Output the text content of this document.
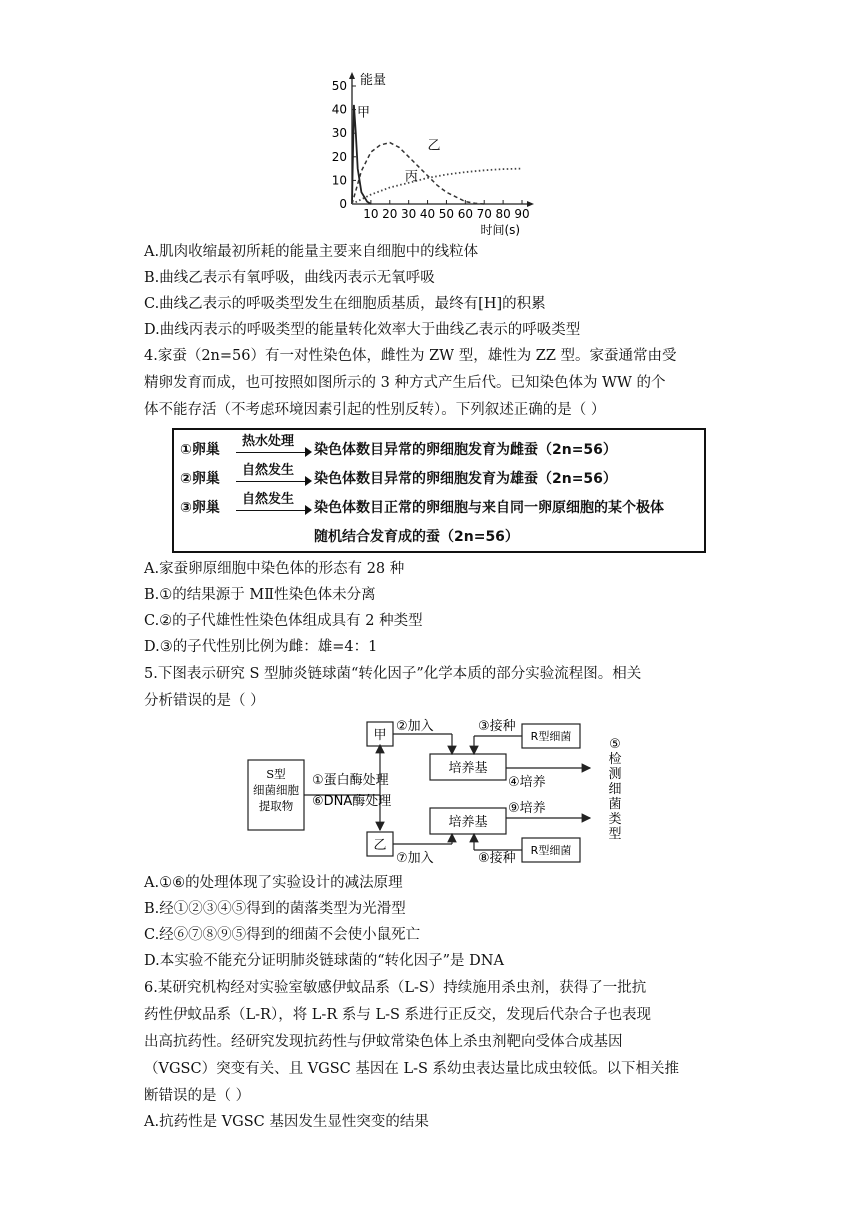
50
40
30
20
10
0
10 20 30 40 50 60 70 80 90
能量
时间(s)
甲
乙
丙
A.肌肉收缩最初所耗的能量主要来自细胞中的线粒体
B.曲线乙表示有氧呼吸，曲线丙表示无氧呼吸
C.曲线乙表示的呼吸类型发生在细胞质基质，最终有[H]的积累
D.曲线丙表示的呼吸类型的能量转化效率大于曲线乙表示的呼吸类型
4.家蚕（2n=56）有一对性染色体，雌性为 ZW 型，雄性为 ZZ 型。家蚕通常由受
精卵发育而成，也可按照如图所示的 3 种方式产生后代。已知染色体为 WW 的个
体不能存活（不考虑环境因素引起的性别反转）。下列叙述正确的是（ ）
①卵巢
热水处理
染色体数目异常的卵细胞发育为雌蚕（2n=56）
②卵巢
自然发生
染色体数目异常的卵细胞发育为雄蚕（2n=56）
③卵巢
自然发生
染色体数目正常的卵细胞与来自同一卵原细胞的某个极体
随机结合发育成的蚕（2n=56）
A.家蚕卵原细胞中染色体的形态有 28 种
B.①的结果源于 MⅡ性染色体未分离
C.②的子代雄性性染色体组成具有 2 种类型
D.③的子代性别比例为雌：雄=4：1
5.下图表示研究 S 型肺炎链球菌“转化因子”化学本质的部分实验流程图。相关
分析错误的是（ ）
S型
细菌细胞
提取物
①蛋白酶处理
⑥DNA酶处理
甲
乙
②加入
培养基
R型细菌
③接种
④培养
⑦加入
培养基
R型细菌
⑧接种
⑨培养
⑤
检
测
细
菌
类
型
A.①⑥的处理体现了实验设计的减法原理
B.经①②③④⑤得到的菌落类型为光滑型
C.经⑥⑦⑧⑨⑤得到的细菌不会使小鼠死亡
D.本实验不能充分证明肺炎链球菌的“转化因子”是 DNA
6.某研究机构经对实验室敏感伊蚊品系（L-S）持续施用杀虫剂，获得了一批抗
药性伊蚊品系（L-R），将 L-R 系与 L-S 系进行正反交，发现后代杂合子也表现
出高抗药性。经研究发现抗药性与伊蚊常染色体上杀虫剂靶向受体合成基因
（VGSC）突变有关、且 VGSC 基因在 L-S 系幼虫表达量比成虫较低。以下相关推
断错误的是（ ）
A.抗药性是 VGSC 基因发生显性突变的结果
